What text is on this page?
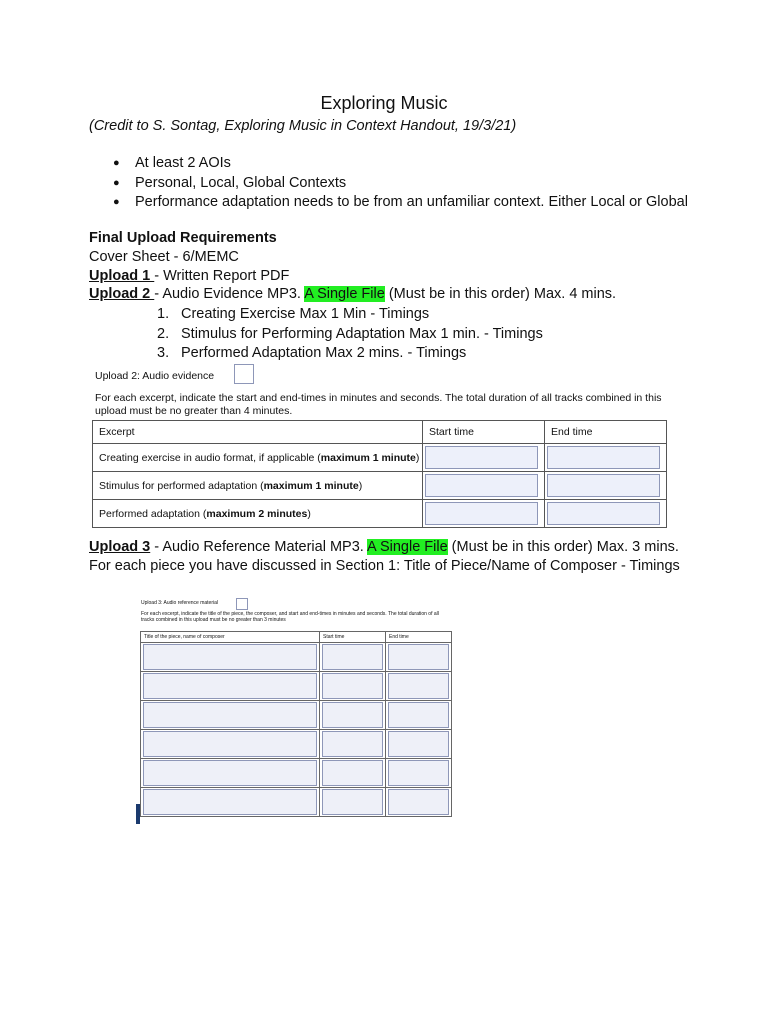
Exploring Music
(Credit to S. Sontag, Exploring Music in Context Handout, 19/3/21)
● At least 2 AOIs
● Personal, Local, Global Contexts
● Performance adaptation needs to be from an unfamiliar context. Either Local or Global
Final Upload Requirements
Cover Sheet - 6/MEMC
Upload 1 - Written Report PDF
Upload 2 - Audio Evidence MP3. A Single File (Must be in this order) Max. 4 mins.
1. Creating Exercise Max 1 Min - Timings
2. Stimulus for Performing Adaptation Max 1 min. - Timings
3. Performed Adaptation Max 2 mins. - Timings
Upload 2: Audio evidence
For each excerpt, indicate the start and end-times in minutes and seconds. The total duration of all tracks combined in this upload must be no greater than 4 minutes.
Excerpt	Start time	End time
Creating exercise in audio format, if applicable (maximum 1 minute)	

Stimulus for performed adaptation (maximum 1 minute)	

Performed adaptation (maximum 2 minutes)	

Upload 3 - Audio Reference Material MP3. A Single File (Must be in this order) Max. 3 mins.
For each piece you have discussed in Section 1: Title of Piece/Name of Composer - Timings
Upload 3: Audio reference material
For each excerpt, indicate the title of the piece, the composer, and start and end-times in minutes and seconds. The total duration of all tracks combined in this upload must be no greater than 3 minutes
Title of the piece, name of composer	Start time	End time
